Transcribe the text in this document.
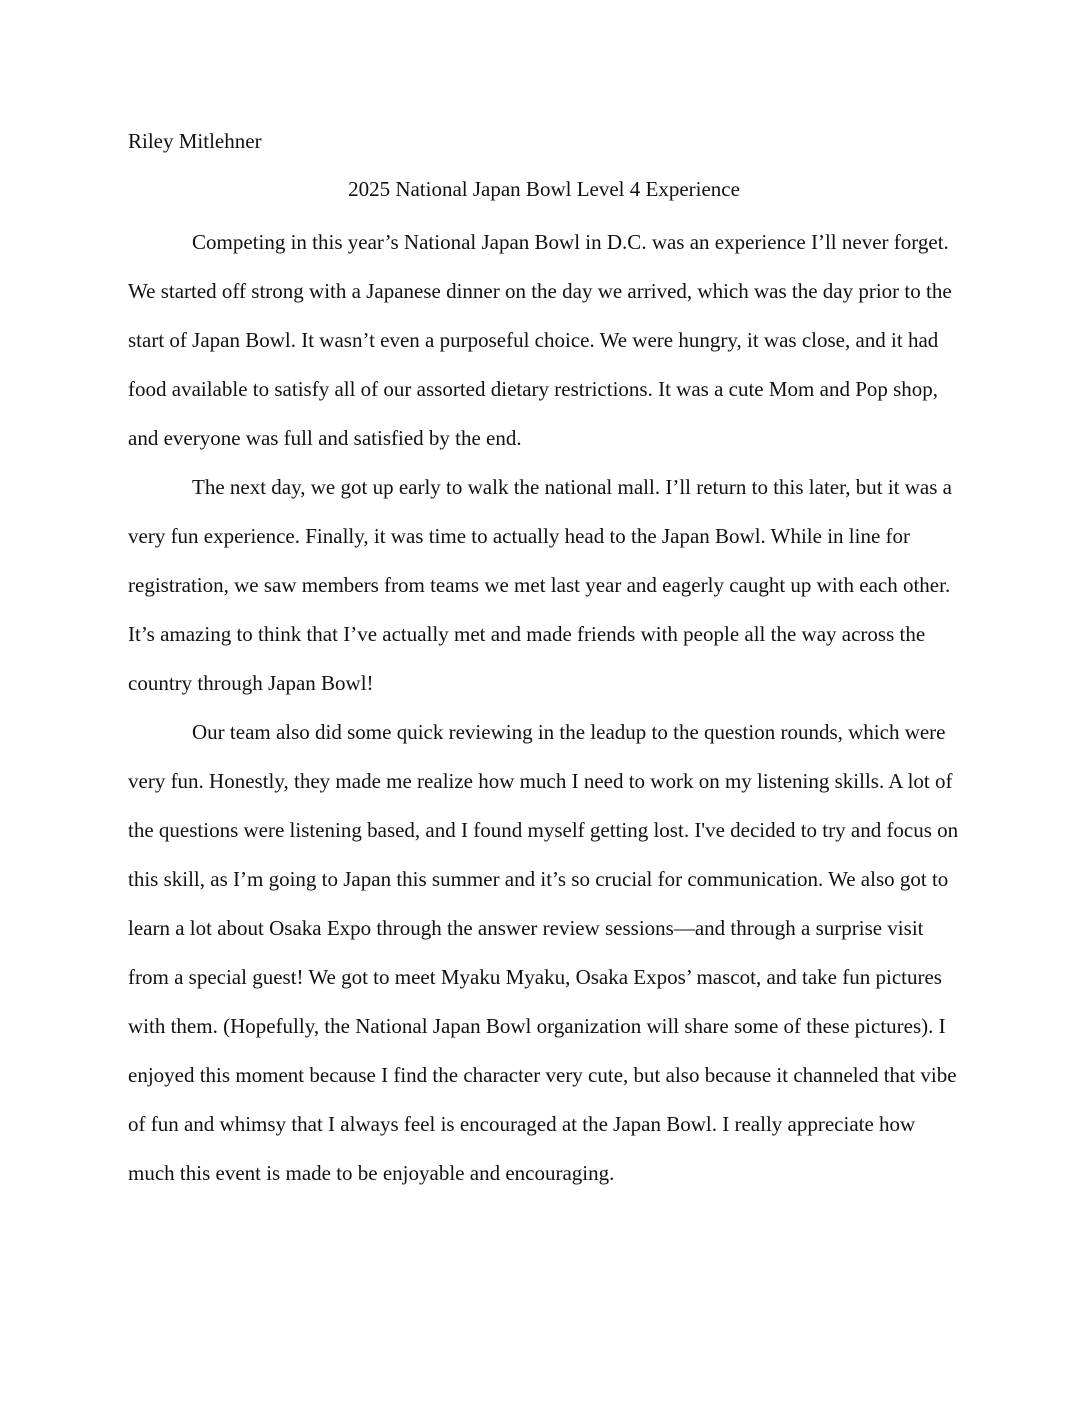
Riley Mitlehner

2025 National Japan Bowl Level 4 Experience

Competing in this year’s National Japan Bowl in D.C. was an experience I’ll never forget. We started off strong with a Japanese dinner on the day we arrived, which was the day prior to the start of Japan Bowl. It wasn’t even a purposeful choice. We were hungry, it was close, and it had food available to satisfy all of our assorted dietary restrictions. It was a cute Mom and Pop shop, and everyone was full and satisfied by the end.

The next day, we got up early to walk the national mall. I’ll return to this later, but it was a very fun experience. Finally, it was time to actually head to the Japan Bowl. While in line for registration, we saw members from teams we met last year and eagerly caught up with each other. It’s amazing to think that I’ve actually met and made friends with people all the way across the country through Japan Bowl!

Our team also did some quick reviewing in the leadup to the question rounds, which were very fun. Honestly, they made me realize how much I need to work on my listening skills. A lot of the questions were listening based, and I found myself getting lost. I've decided to try and focus on this skill, as I’m going to Japan this summer and it’s so crucial for communication. We also got to learn a lot about Osaka Expo through the answer review sessions—and through a surprise visit from a special guest! We got to meet Myaku Myaku, Osaka Expos’ mascot, and take fun pictures with them. (Hopefully, the National Japan Bowl organization will share some of these pictures). I enjoyed this moment because I find the character very cute, but also because it channeled that vibe of fun and whimsy that I always feel is encouraged at the Japan Bowl. I really appreciate how much this event is made to be enjoyable and encouraging.
